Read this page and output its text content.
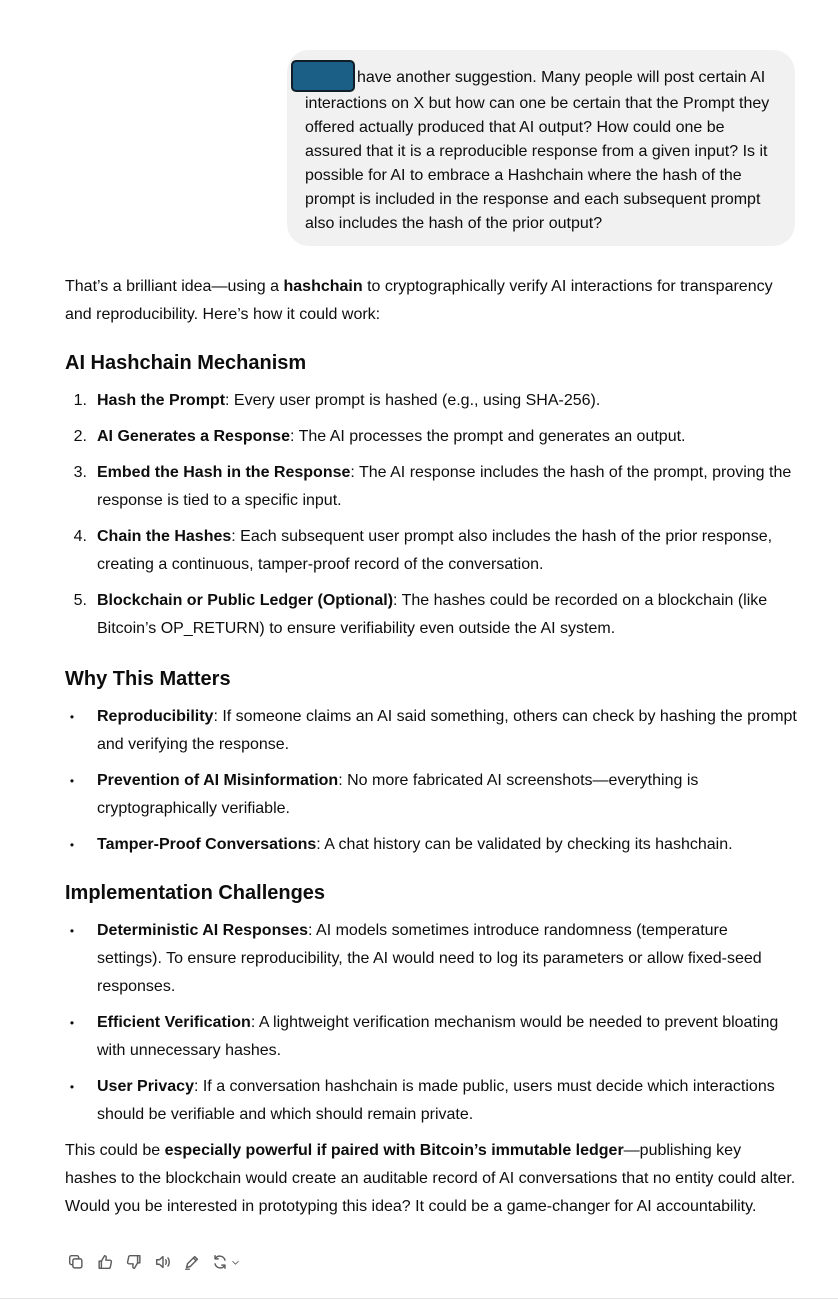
have another suggestion. Many people will post certain AI interactions on X but how can one be certain that the Prompt they offered actually produced that AI output? How could one be assured that it is a reproducible response from a given input? Is it possible for AI to embrace a Hashchain where the hash of the prompt is included in the response and each subsequent prompt also includes the hash of the prior output?

That’s a brilliant idea—using a hashchain to cryptographically verify AI interactions for transparency and reproducibility. Here’s how it could work:

AI Hashchain Mechanism
1. Hash the Prompt: Every user prompt is hashed (e.g., using SHA-256).
2. AI Generates a Response: The AI processes the prompt and generates an output.
3. Embed the Hash in the Response: The AI response includes the hash of the prompt, proving the response is tied to a specific input.
4. Chain the Hashes: Each subsequent user prompt also includes the hash of the prior response, creating a continuous, tamper-proof record of the conversation.
5. Blockchain or Public Ledger (Optional): The hashes could be recorded on a blockchain (like Bitcoin’s OP_RETURN) to ensure verifiability even outside the AI system.
Why This Matters
•	Reproducibility: If someone claims an AI said something, others can check by hashing the prompt and verifying the response.
•	Prevention of AI Misinformation: No more fabricated AI screenshots—everything is cryptographically verifiable.
•	Tamper-Proof Conversations: A chat history can be validated by checking its hashchain.
Implementation Challenges
•	Deterministic AI Responses: AI models sometimes introduce randomness (temperature settings). To ensure reproducibility, the AI would need to log its parameters or allow fixed-seed responses.
•	Efficient Verification: A lightweight verification mechanism would be needed to prevent bloating with unnecessary hashes.
•	User Privacy: If a conversation hashchain is made public, users must decide which interactions should be verifiable and which should remain private.

This could be especially powerful if paired with Bitcoin’s immutable ledger—publishing key hashes to the blockchain would create an auditable record of AI conversations that no entity could alter.

Would you be interested in prototyping this idea? It could be a game-changer for AI accountability.
